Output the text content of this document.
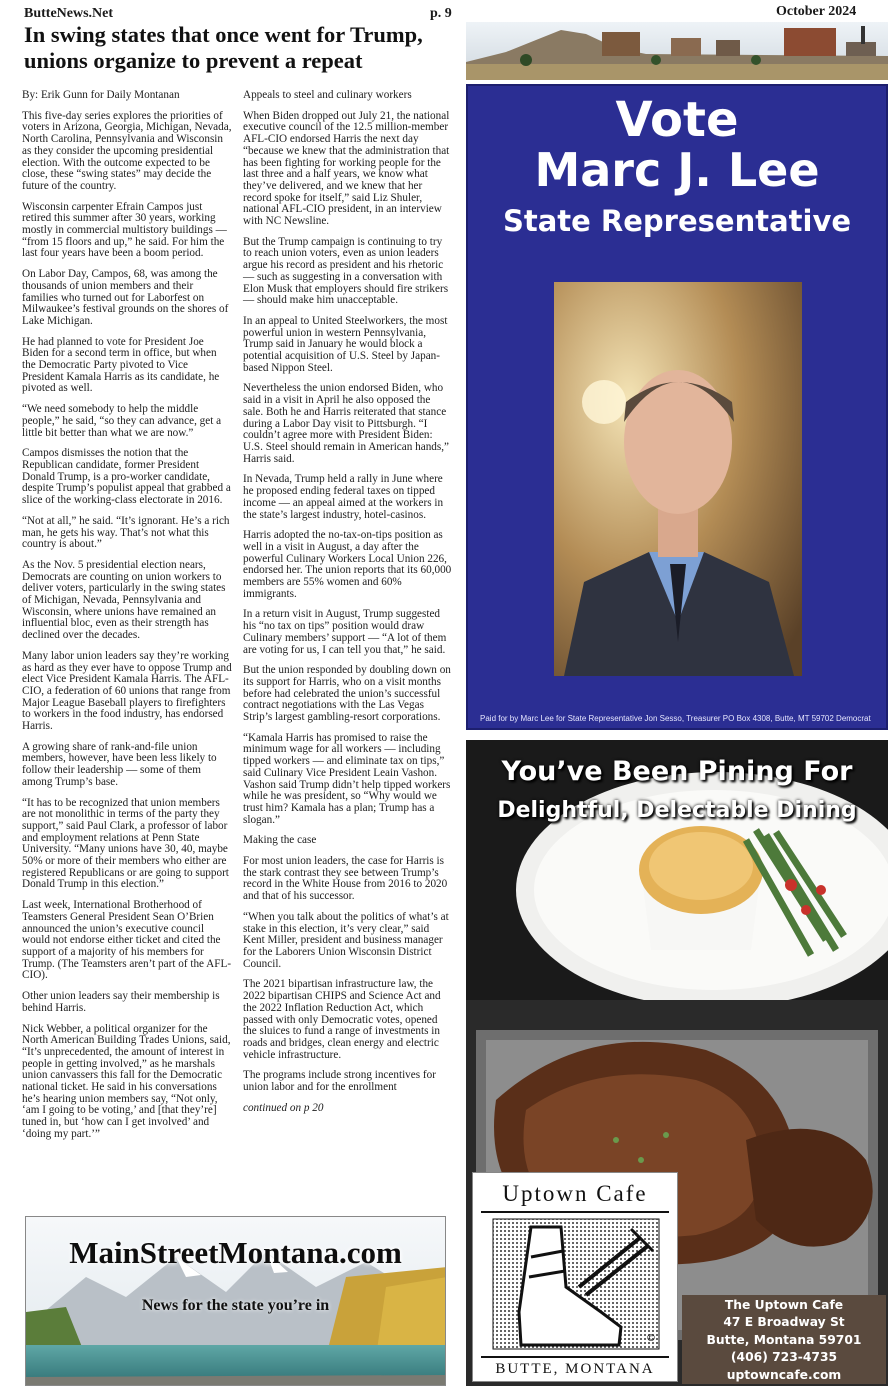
ButteNews.Net	p. 9	October 2024
In swing states that once went for Trump, unions organize to prevent a repeat

By: Erik Gunn for Daily Montanan

This five-day series explores the priorities of voters in Arizona, Georgia, Michigan, Nevada, North Carolina, Pennsylvania and Wisconsin as they consider the upcoming presidential election. With the outcome expected to be close, these “swing states” may decide the future of the country.

Wisconsin carpenter Efrain Campos just retired this summer after 30 years, working mostly in commercial multistory buildings — “from 15 floors and up,” he said. For him the last four years have been a boom period.

On Labor Day, Campos, 68, was among the thousands of union members and their families who turned out for Laborfest on Milwaukee’s festival grounds on the shores of Lake Michigan.

He had planned to vote for President Joe Biden for a second term in office, but when the Democratic Party pivoted to Vice President Kamala Harris as its candidate, he pivoted as well.

“We need somebody to help the middle people,” he said, “so they can advance, get a little bit better than what we are now.”

Campos dismisses the notion that the Republican candidate, former President Donald Trump, is a pro-worker candidate, despite Trump’s populist appeal that grabbed a slice of the working-class electorate in 2016.

“Not at all,” he said. “It’s ignorant. He’s a rich man, he gets his way. That’s not what this country is about.”

As the Nov. 5 presidential election nears, Democrats are counting on union workers to deliver voters, particularly in the swing states of Michigan, Nevada, Pennsylvania and Wisconsin, where unions have remained an influential bloc, even as their strength has declined over the decades.

Many labor union leaders say they’re working as hard as they ever have to oppose Trump and elect Vice President Kamala Harris. The AFL-CIO, a federation of 60 unions that range from Major League Baseball players to firefighters to workers in the food industry, has endorsed Harris.

A growing share of rank-and-file union members, however, have been less likely to follow their leadership — some of them among Trump’s base.

“It has to be recognized that union members are not monolithic in terms of the party they support,” said Paul Clark, a professor of labor and employment relations at Penn State University. “Many unions have 30, 40, maybe 50% or more of their members who either are registered Republicans or are going to support Donald Trump in this election.”

Last week, International Brotherhood of Teamsters General President Sean O’Brien announced the union’s executive council would not endorse either ticket and cited the support of a majority of his members for Trump. (The Teamsters aren’t part of the AFL-CIO).

Other union leaders say their membership is behind Harris.

Nick Webber, a political organizer for the North American Building Trades Unions, said, “It’s unprecedented, the amount of interest in people in getting involved,” as he marshals union canvassers this fall for the Democratic national ticket. He said in his conversations he’s hearing union members say, “Not only, ‘am I going to be voting,’ and [that they’re] tuned in, but ‘how can I get involved’ and ‘doing my part.’”

Appeals to steel and culinary workers

When Biden dropped out July 21, the national executive council of the 12.5 million-member AFL-CIO endorsed Harris the next day “because we knew that the administration that has been fighting for working people for the last three and a half years, we know what they’ve delivered, and we knew that her record spoke for itself,” said Liz Shuler, national AFL-CIO president, in an interview with NC Newsline.

But the Trump campaign is continuing to try to reach union voters, even as union leaders argue his record as president and his rhetoric — such as suggesting in a conversation with Elon Musk that employers should fire strikers — should make him unacceptable.

In an appeal to United Steelworkers, the most powerful union in western Pennsylvania, Trump said in January he would block a potential acquisition of U.S. Steel by Japan-based Nippon Steel.

Nevertheless the union endorsed Biden, who said in a visit in April he also opposed the sale. Both he and Harris reiterated that stance during a Labor Day visit to Pittsburgh. “I couldn’t agree more with President Biden: U.S. Steel should remain in American hands,” Harris said.

In Nevada, Trump held a rally in June where he proposed ending federal taxes on tipped income — an appeal aimed at the workers in the state’s largest industry, hotel-casinos.

Harris adopted the no-tax-on-tips position as well in a visit in August, a day after the powerful Culinary Workers Local Union 226, endorsed her. The union reports that its 60,000 members are 55% women and 60% immigrants.

In a return visit in August, Trump suggested his “no tax on tips” position would draw Culinary members’ support — “A lot of them are voting for us, I can tell you that,” he said.

But the union responded by doubling down on its support for Harris, who on a visit months before had celebrated the union’s successful contract negotiations with the Las Vegas Strip’s largest gambling-resort corporations.

“Kamala Harris has promised to raise the minimum wage for all workers — including tipped workers — and eliminate tax on tips,” said Culinary Vice President Leain Vashon. Vashon said Trump didn’t help tipped workers while he was president, so “Why would we trust him? Kamala has a plan; Trump has a slogan.”

Making the case

For most union leaders, the case for Harris is the stark contrast they see between Trump’s record in the White House from 2016 to 2020 and that of his successor.

“When you talk about the politics of what’s at stake in this election, it’s very clear,” said Kent Miller, president and business manager for the Laborers Union Wisconsin District Council.

The 2021 bipartisan infrastructure law, the 2022 bipartisan CHIPS and Science Act and the 2022 Inflation Reduction Act, which passed with only Democratic votes, opened the sluices to fund a range of investments in roads and bridges, clean energy and electric vehicle infrastructure.

The programs include strong incentives for union labor and for the enrollment

continued on p 20

Vote
Marc J. Lee
State Representative
Paid for by Marc Lee for State Representative Jon Sesso, Treasurer PO Box 4308, Butte, MT 59702 Democrat
You’ve Been Pining For
Delightful, Delectable Dining
Uptown Cafe
©
BUTTE, MONTANA
The Uptown Cafe
47 E Broadway St
Butte, Montana 59701
(406) 723-4735
uptowncafe.com
MainStreetMontana.com
News for the state you’re in
